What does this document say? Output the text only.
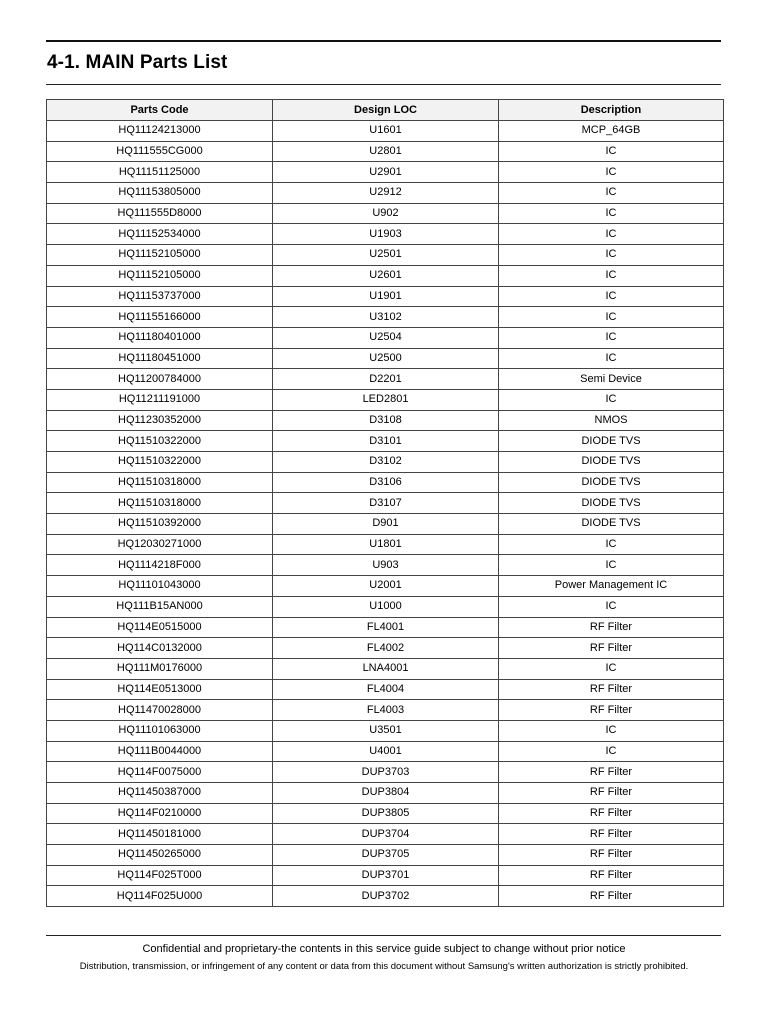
4-1. MAIN Parts List
Parts Code	Design LOC	Description
HQ11124213000	U1601	MCP_64GB
HQ111555CG000	U2801	IC
HQ11151125000	U2901	IC
HQ11153805000	U2912	IC
HQ111555D8000	U902	IC
HQ11152534000	U1903	IC
HQ11152105000	U2501	IC
HQ11152105000	U2601	IC
HQ11153737000	U1901	IC
HQ11155166000	U3102	IC
HQ11180401000	U2504	IC
HQ11180451000	U2500	IC
HQ11200784000	D2201	Semi Device
HQ11211191000	LED2801	IC
HQ11230352000	D3108	NMOS
HQ11510322000	D3101	DIODE TVS
HQ11510322000	D3102	DIODE TVS
HQ11510318000	D3106	DIODE TVS
HQ11510318000	D3107	DIODE TVS
HQ11510392000	D901	DIODE TVS
HQ12030271000	U1801	IC
HQ1114218F000	U903	IC
HQ11101043000	U2001	Power Management IC
HQ111B15AN000	U1000	IC
HQ114E0515000	FL4001	RF Filter
HQ114C0132000	FL4002	RF Filter
HQ111M0176000	LNA4001	IC
HQ114E0513000	FL4004	RF Filter
HQ11470028000	FL4003	RF Filter
HQ11101063000	U3501	IC
HQ111B0044000	U4001	IC
HQ114F0075000	DUP3703	RF Filter
HQ11450387000	DUP3804	RF Filter
HQ114F0210000	DUP3805	RF Filter
HQ11450181000	DUP3704	RF Filter
HQ11450265000	DUP3705	RF Filter
HQ114F025T000	DUP3701	RF Filter
HQ114F025U000	DUP3702	RF Filter
Confidential and proprietary-the contents in this service guide subject to change without prior notice
Distribution, transmission, or infringement of any content or data from this document without Samsung's written authorization is strictly prohibited.
